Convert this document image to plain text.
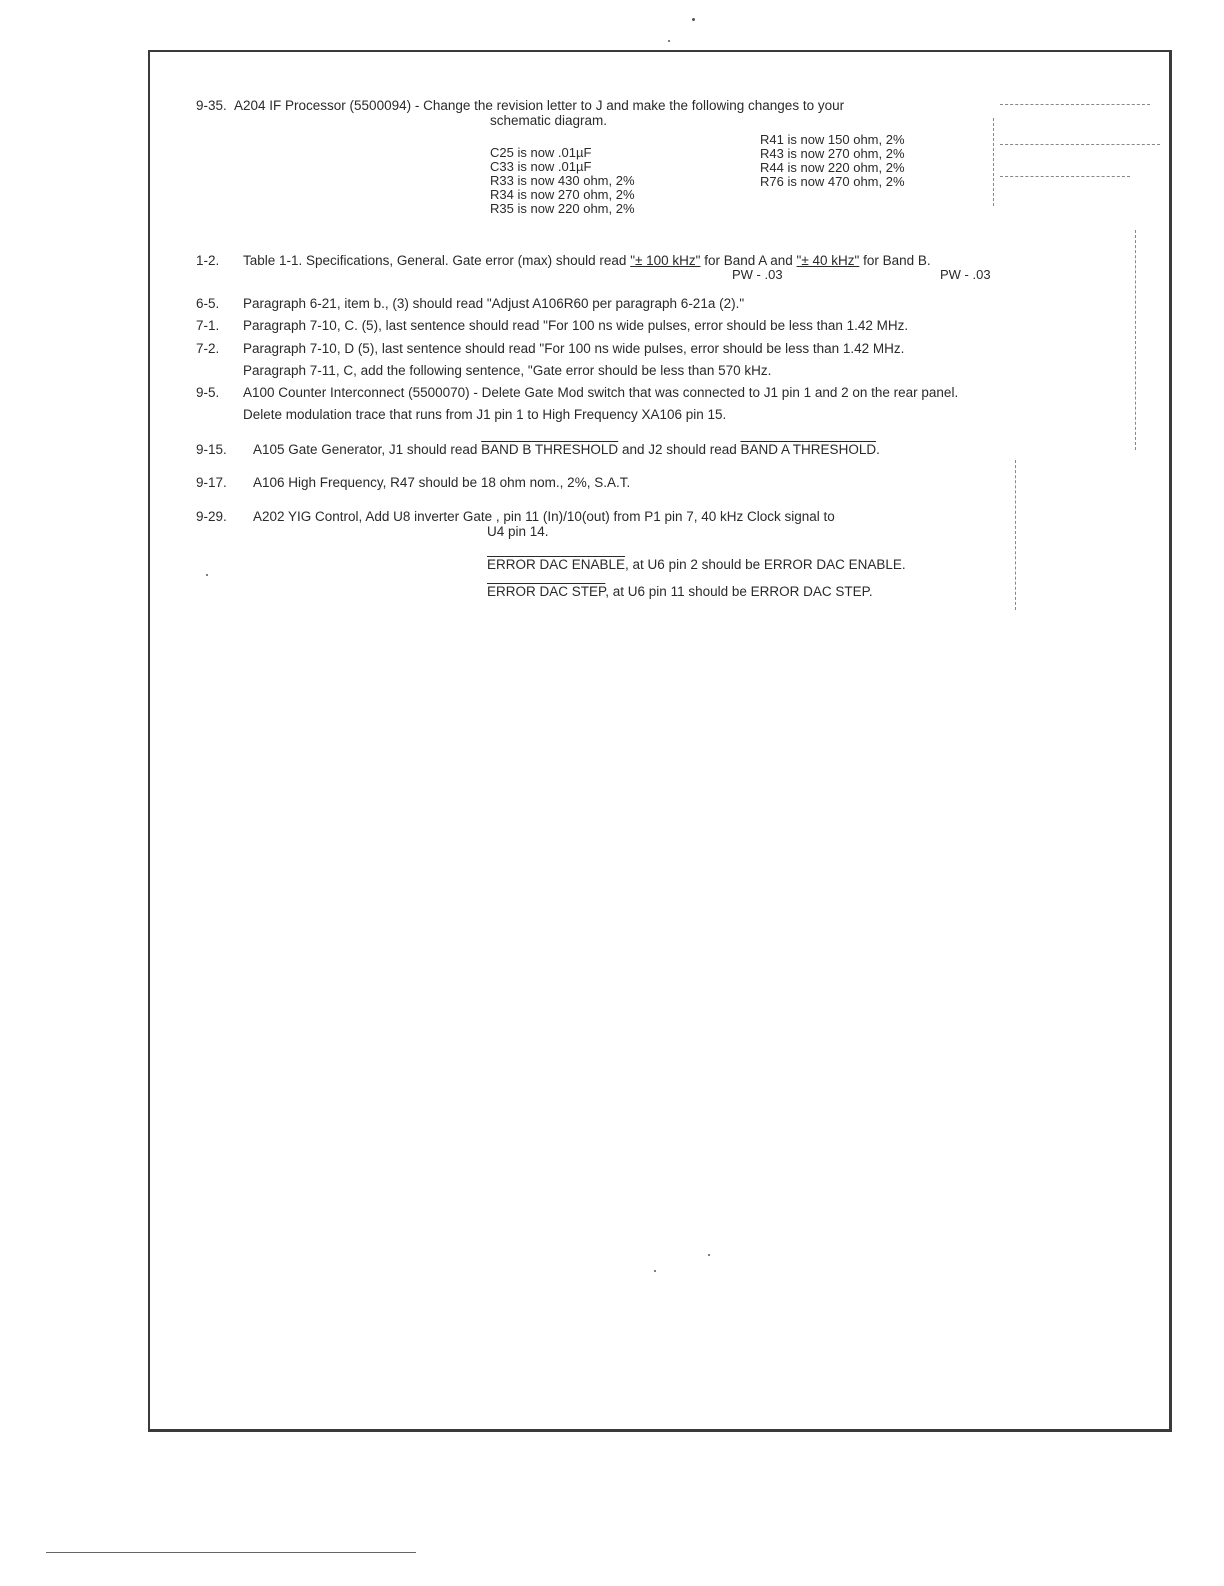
9-35. A204 IF Processor (5500094) - Change the revision letter to J and make the following changes to your
schematic diagram.
C25 is now .01µF
C33 is now .01µF
R33 is now 430 ohm, 2%
R34 is now 270 ohm, 2%
R35 is now 220 ohm, 2%
R41 is now 150 ohm, 2%
R43 is now 270 ohm, 2%
R44 is now 220 ohm, 2%
R76 is now 470 ohm, 2%
1-2. Table 1-1. Specifications, General. Gate error (max) should read "± 100 kHz" for Band A and "± 40 kHz" for Band B.
PW - .03	PW - .03
6-5. Paragraph 6-21, item b., (3) should read "Adjust A106R60 per paragraph 6-21a (2)."
7-1. Paragraph 7-10, C. (5), last sentence should read "For 100 ns wide pulses, error should be less than 1.42 MHz.
7-2. Paragraph 7-10, D (5), last sentence should read "For 100 ns wide pulses, error should be less than 1.42 MHz.
Paragraph 7-11, C, add the following sentence, "Gate error should be less than 570 kHz.
9-5. A100 Counter Interconnect (5500070) - Delete Gate Mod switch that was connected to J1 pin 1 and 2 on the rear panel.
Delete modulation trace that runs from J1 pin 1 to High Frequency XA106 pin 15.
9-15. A105 Gate Generator, J1 should read BAND B THRESHOLD and J2 should read BAND A THRESHOLD.
9-17. A106 High Frequency, R47 should be 18 ohm nom., 2%, S.A.T.
9-29. A202 YIG Control, Add U8 inverter Gate , pin 11 (In)/10(out) from P1 pin 7, 40 kHz Clock signal to
U4 pin 14.
ERROR DAC ENABLE, at U6 pin 2 should be ERROR DAC ENABLE.
ERROR DAC STEP, at U6 pin 11 should be ERROR DAC STEP.
